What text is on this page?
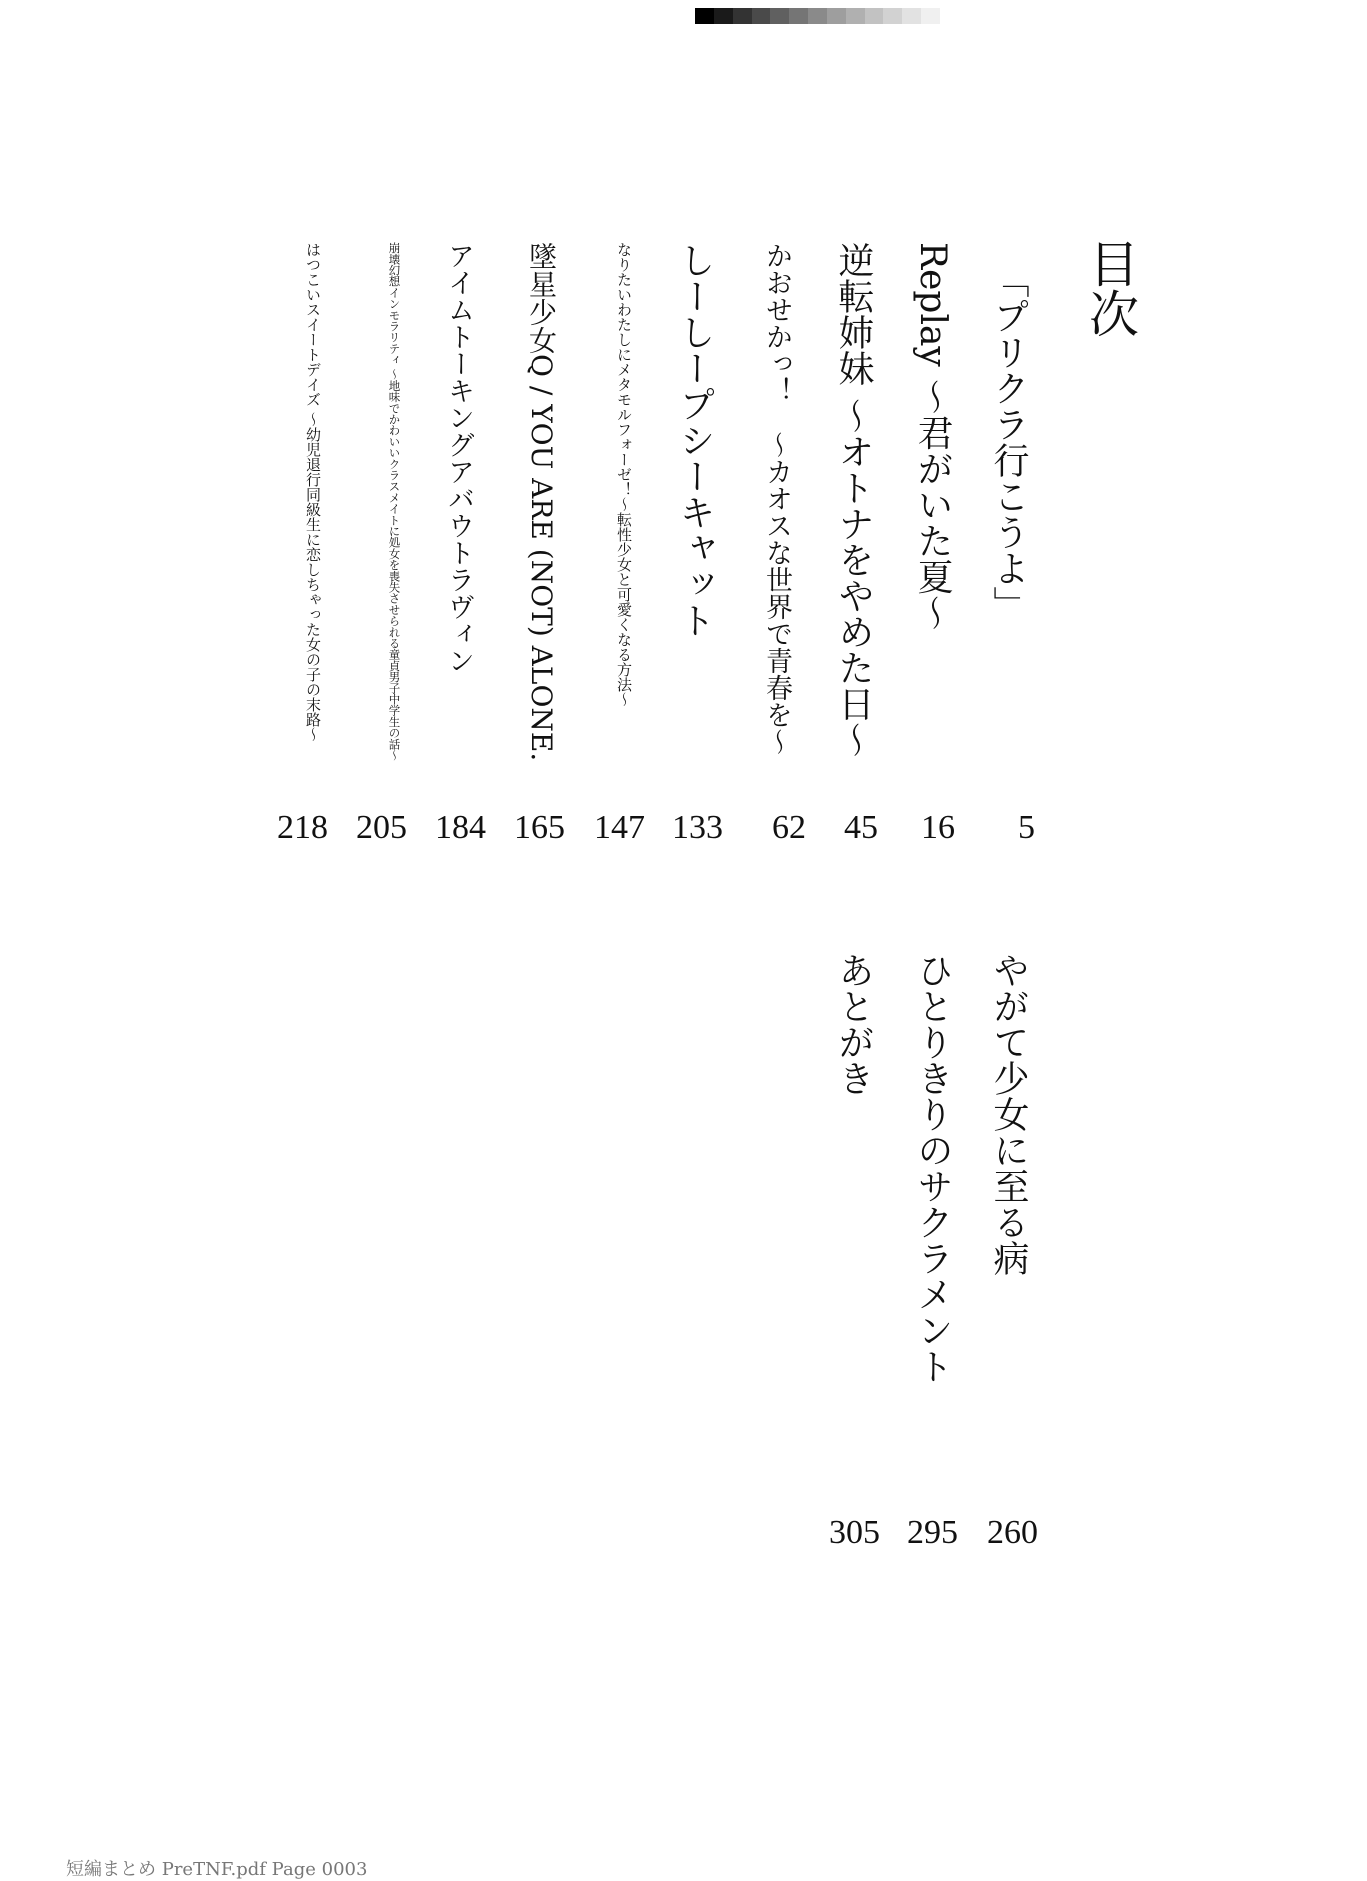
目次
「プリクラ行こうよ」
5
Replay ～君がいた夏～
16
逆転姉妹 ～オトナをやめた日～
45
かおせかっ！　～カオスな世界で青春を～
62
しーしープシーキャット
133
なりたいわたしにメタモルフォーゼ！～転性少女と可愛くなる方法～
147
墜星少女Q / YOU ARE (NOT) ALONE.
165
アイムトーキングアバウトラヴィン
184
崩壊幻想インモラリティ ～地味でかわいいクラスメイトに処女を喪失させられる童貞男子中学生の話～
205
はつこいスイートデイズ ～幼児退行同級生に恋しちゃった女の子の末路～
218
やがて少女に至る病
260
ひとりきりのサクラメント
295
あとがき
305
短編まとめ PreTNF.pdf Page 0003
